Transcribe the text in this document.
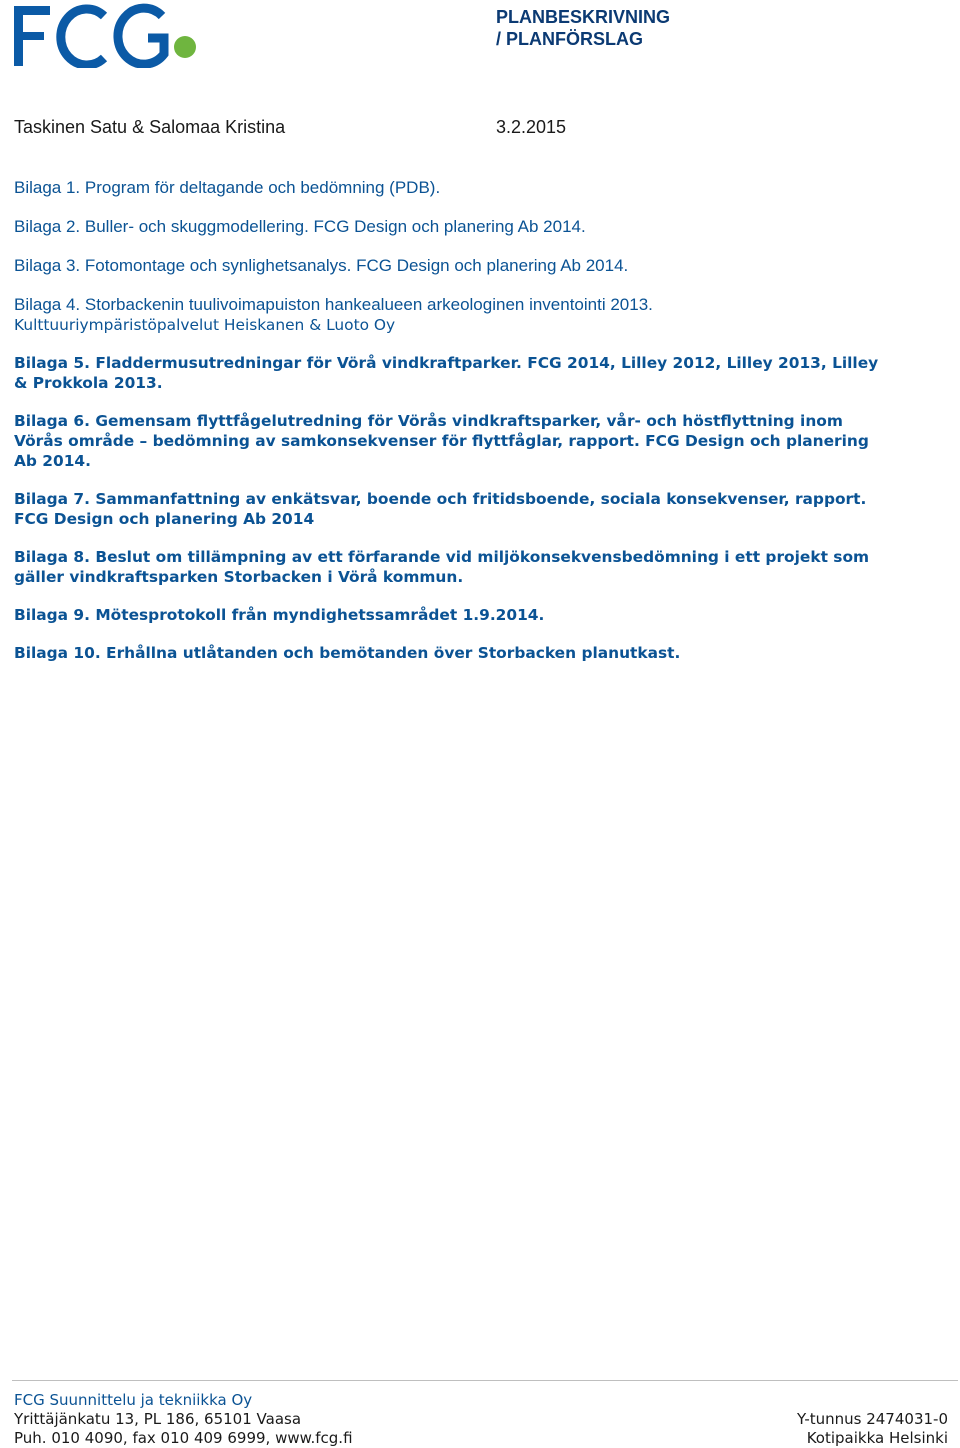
PLANBESKRIVNING
/ PLANFÖRSLAG
Taskinen Satu & Salomaa Kristina	3.2.2015

Bilaga 1. Program för deltagande och bedömning (PDB).

Bilaga 2. Buller- och skuggmodellering. FCG Design och planering Ab 2014.

Bilaga 3. Fotomontage och synlighetsanalys. FCG Design och planering Ab 2014.

Bilaga 4. Storbackenin tuulivoimapuiston hankealueen arkeologinen inventointi 2013.
Kulttuuriympäristöpalvelut Heiskanen & Luoto Oy

Bilaga 5. Fladdermusutredningar för Vörå vindkraftparker. FCG 2014, Lilley 2012, Lilley 2013, Lilley
& Prokkola 2013.

Bilaga 6. Gemensam flyttfågelutredning för Vörås vindkraftsparker, vår- och höstflyttning inom
Vörås område – bedömning av samkonsekvenser för flyttfåglar, rapport. FCG Design och planering
Ab 2014.

Bilaga 7. Sammanfattning av enkätsvar, boende och fritidsboende, sociala konsekvenser, rapport.
FCG Design och planering Ab 2014

Bilaga 8. Beslut om tillämpning av ett förfarande vid miljökonsekvensbedömning i ett projekt som
gäller vindkraftsparken Storbacken i Vörå kommun.

Bilaga 9. Mötesprotokoll från myndighetssamrådet 1.9.2014.

Bilaga 10. Erhållna utlåtanden och bemötanden över Storbacken planutkast.

FCG Suunnittelu ja tekniikka Oy
Yrittäjänkatu 13, PL 186, 65101 Vaasa	Y-tunnus 2474031-0
Puh. 010 4090, fax 010 409 6999, www.fcg.fi	Kotipaikka Helsinki
